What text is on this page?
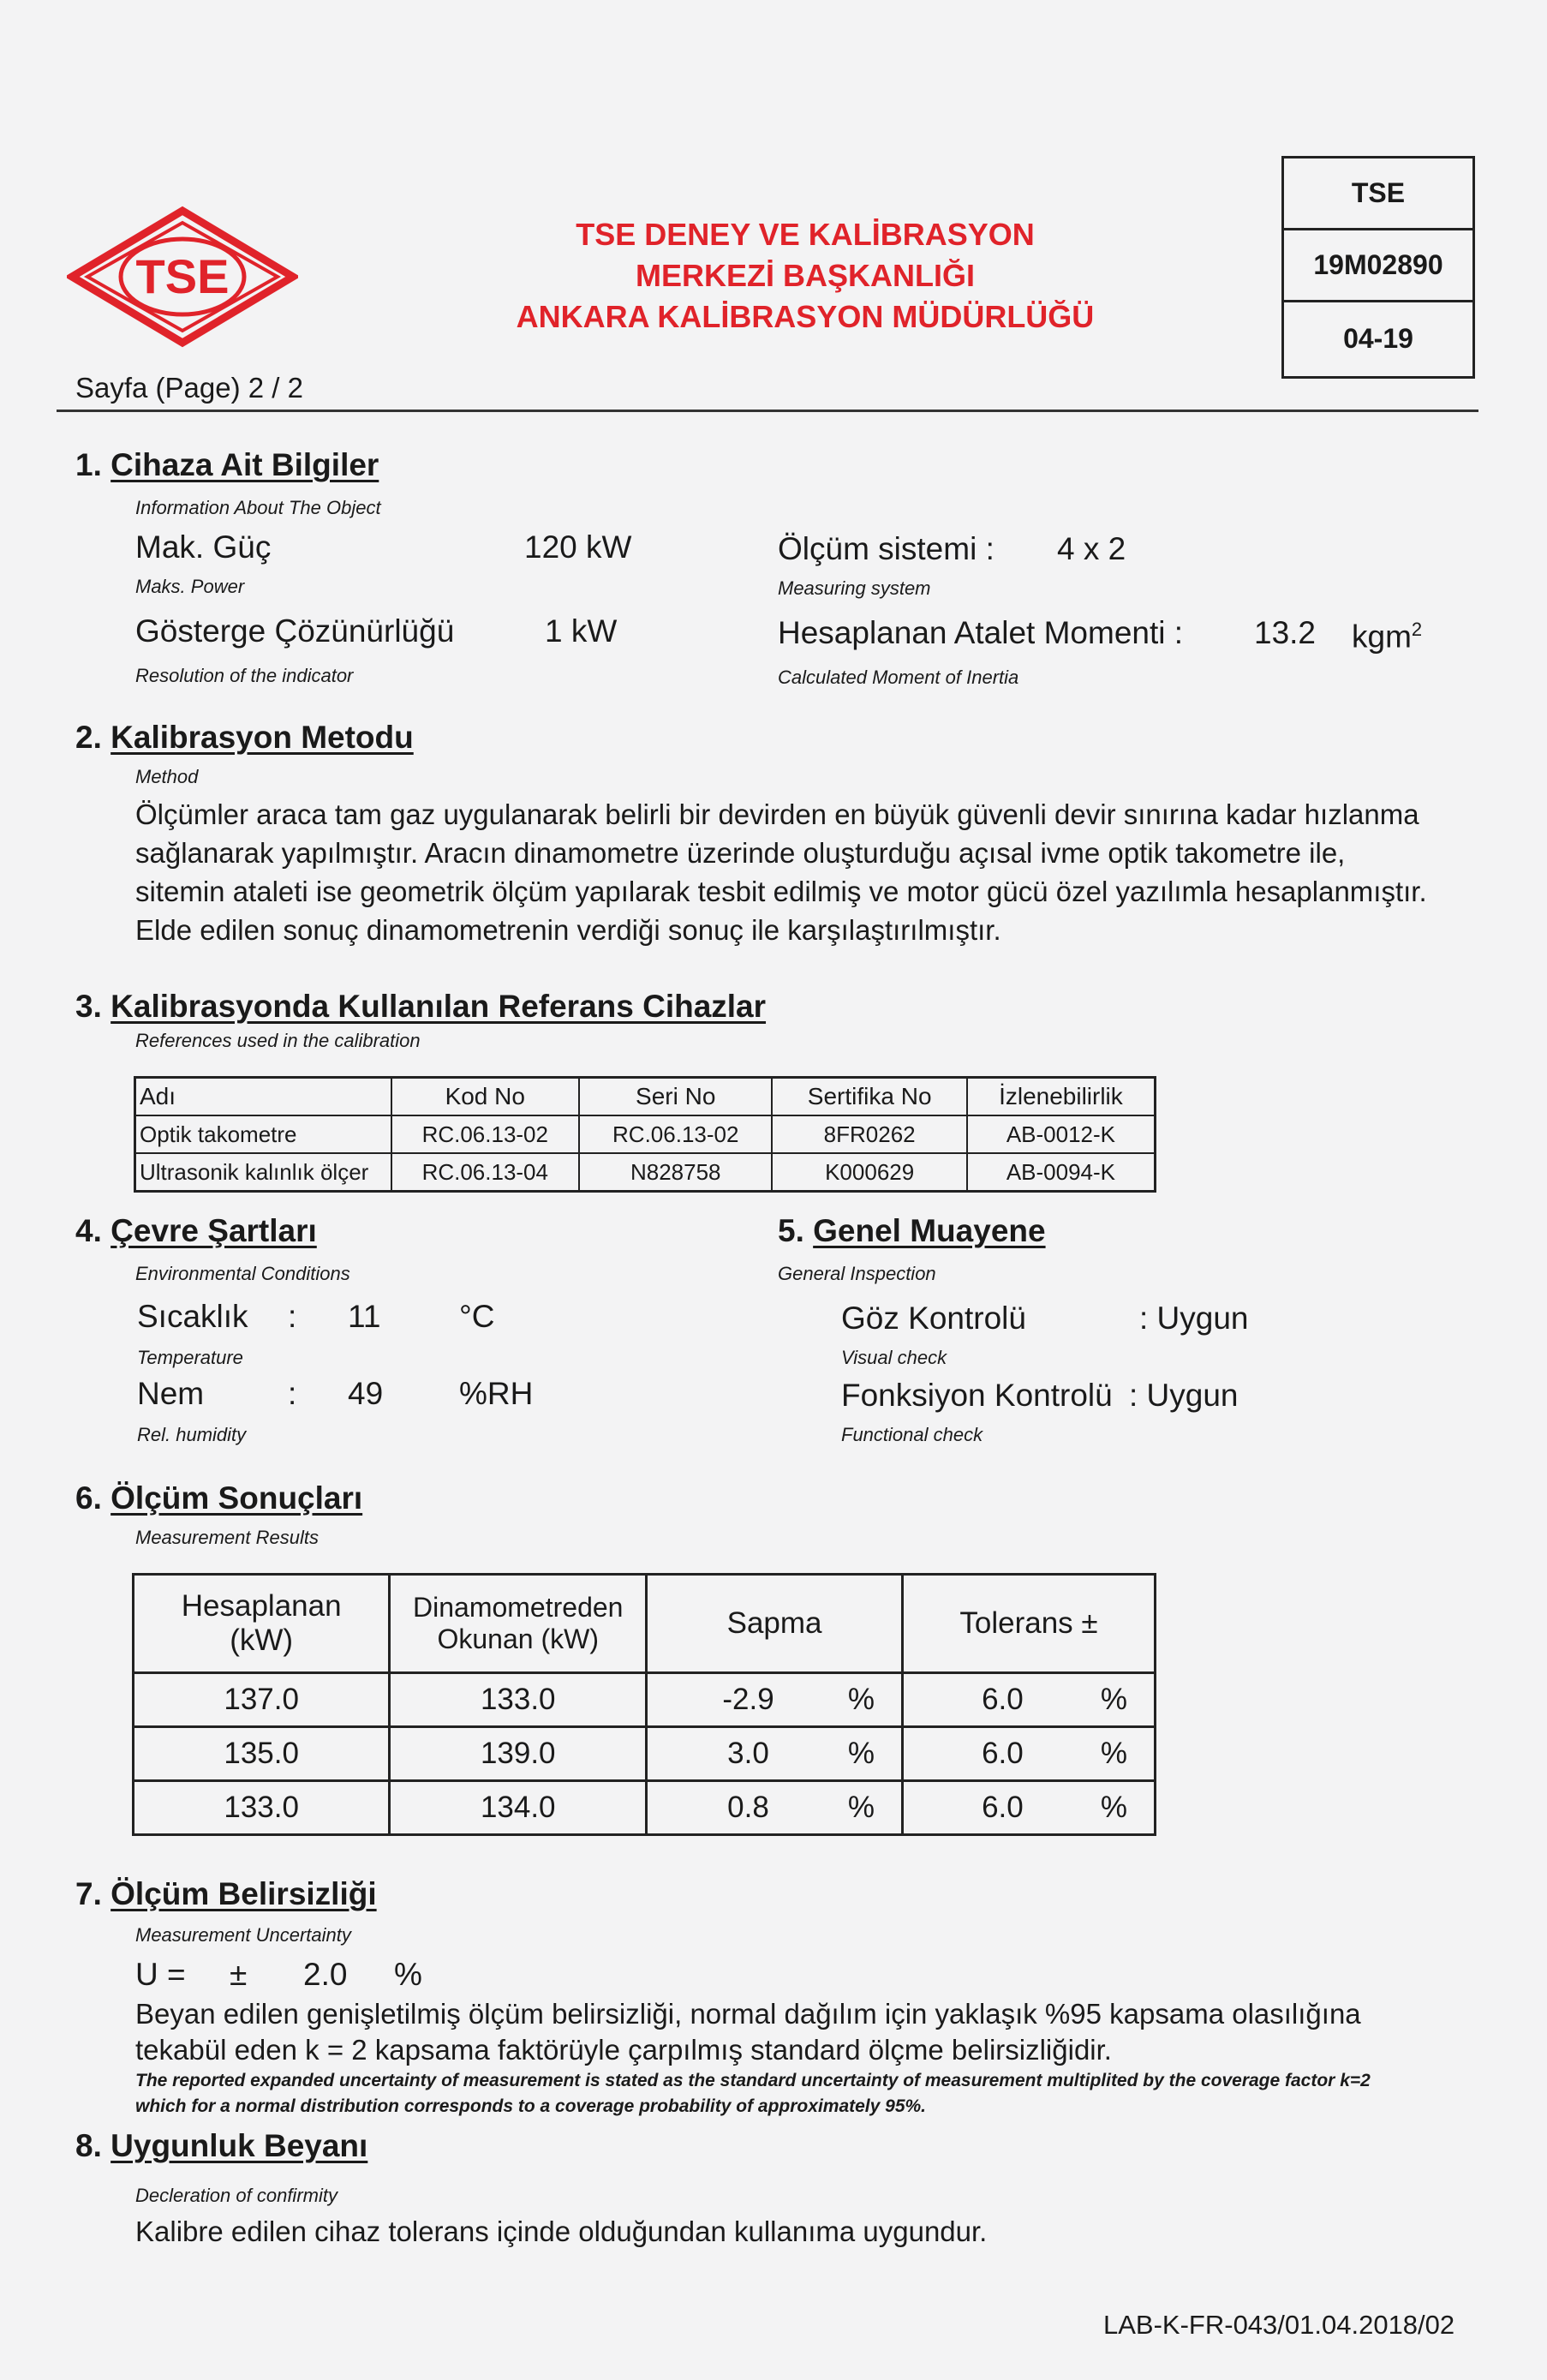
TSE
TSE DENEY VE KALİBRASYON
MERKEZİ BAŞKANLIĞI
ANKARA KALİBRASYON MÜDÜRLÜĞÜ
TSE
19M02890
04-19
Sayfa (Page) 2 / 2
1. Cihaza Ait Bilgiler
Information About The Object
Mak. Güç
Maks. Power
120 kW	Ölçüm sistemi :
Measuring system
4 x 2
Gösterge Çözünürlüğü
Resolution of the indicator
1 kW	Hesaplanan Atalet Momenti :
Calculated Moment of Inertia
13.2 kgm$^2$
2. Kalibrasyon Metodu
Method
Ölçümler araca tam gaz uygulanarak belirli bir devirden en büyük güvenli devir sınırına kadar hızlanma
sağlanarak yapılmıştır. Aracın dinamometre üzerinde oluşturduğu açısal ivme optik takometre ile,
sitemin ataleti ise geometrik ölçüm yapılarak tesbit edilmiş ve motor gücü özel yazılımla hesaplanmıştır.
Elde edilen sonuç dinamometrenin verdiği sonuç ile karşılaştırılmıştır.
3. Kalibrasyonda Kullanılan Referans Cihazlar
References used in the calibration
Adı	Kod No	Seri No	Sertifika No	İzlenebilirlik
Optik takometre	RC.06.13-02	RC.06.13-02	8FR0262	AB-0012-K
Ultrasonik kalınlık ölçer	RC.06.13-04	N828758	K000629	AB-0094-K
4. Çevre Şartları
Environmental Conditions
Sıcaklık
Temperature
: 11 °C
Nem
Rel. humidity
: 49 %RH
5. Genel Muayene
General Inspection
Göz Kontrolü
Visual check
: Uygun
Fonksiyon Kontrolü
Functional check
: Uygun
6. Ölçüm Sonuçları
Measurement Results
Hesaplanan (kW)	Dinamometreden Okunan (kW)	Sapma	Tolerans ±
137.0	133.0	-2.9 %	6.0 %

135.0	139.0	3.0 %	6.0 %

133.0	134.0	0.8 %	6.0 %
7. Ölçüm Belirsizliği
Measurement Uncertainty
U = ± 2.0 %
Beyan edilen genişletilmiş ölçüm belirsizliği, normal dağılım için yaklaşık %95 kapsama olasılığına
tekabül eden k = 2 kapsama faktörüyle çarpılmış standard ölçme belirsizliğidir.
The reported expanded uncertainty of measurement is stated as the standard uncertainty of measurement multiplited by the coverage factor k=2
which for a normal distribution corresponds to a coverage probability of approximately 95%.
8. Uygunluk Beyanı
Decleration of confirmity
Kalibre edilen cihaz tolerans içinde olduğundan kullanıma uygundur.
LAB-K-FR-043/01.04.2018/02
